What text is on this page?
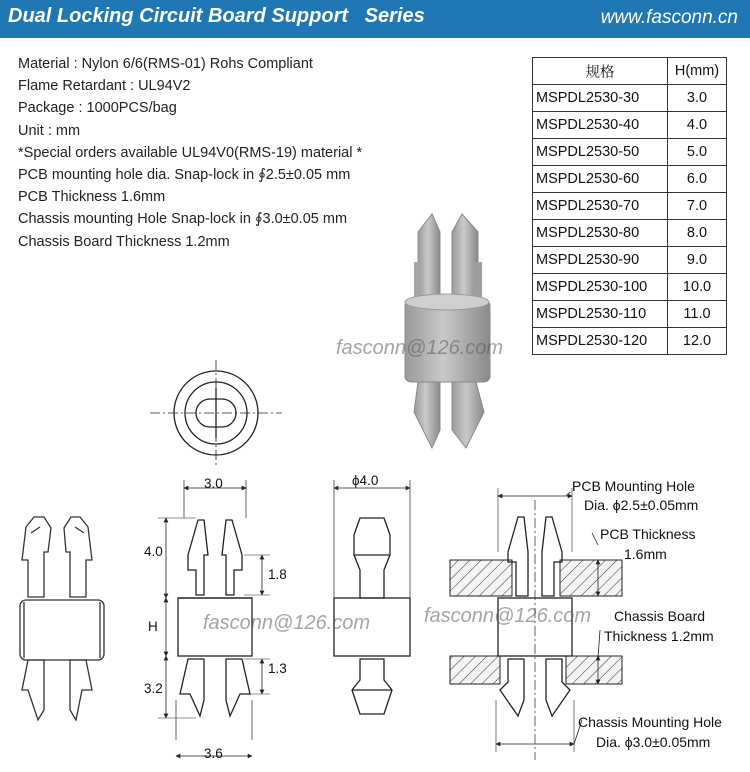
Dual Locking Circuit Board Support   Series	www.fasconn.cn
Material : Nylon 6/6(RMS-01) Rohs Compliant
Flame Retardant : UL94V2
Package : 1000PCS/bag
Unit : mm
*Special orders available UL94V0(RMS-19) material *
PCB mounting hole dia. Snap-lock in ∮2.5±0.05 mm
PCB Thickness 1.6mm
Chassis mounting Hole Snap-lock in ∮3.0±0.05 mm
Chassis Board Thickness 1.2mm
规格	H(mm)
MSPDL2530-30	3.0
MSPDL2530-40	4.0
MSPDL2530-50	5.0
MSPDL2530-60	6.0
MSPDL2530-70	7.0
MSPDL2530-80	8.0
MSPDL2530-90	9.0
MSPDL2530-100	10.0
MSPDL2530-110	11.0
MSPDL2530-120	12.0
fasconn@126.com
fasconn@126.com	fasconn@126.com
3.0
4.0
1.8
H
1.3
3.2
3.6
ϕ4.0	PCB Mounting Hole
Dia. ϕ2.5±0.05mm
PCB Thickness
1.6mm
Chassis Board
Thickness 1.2mm
Chassis Mounting Hole
Dia. ϕ3.0±0.05mm
